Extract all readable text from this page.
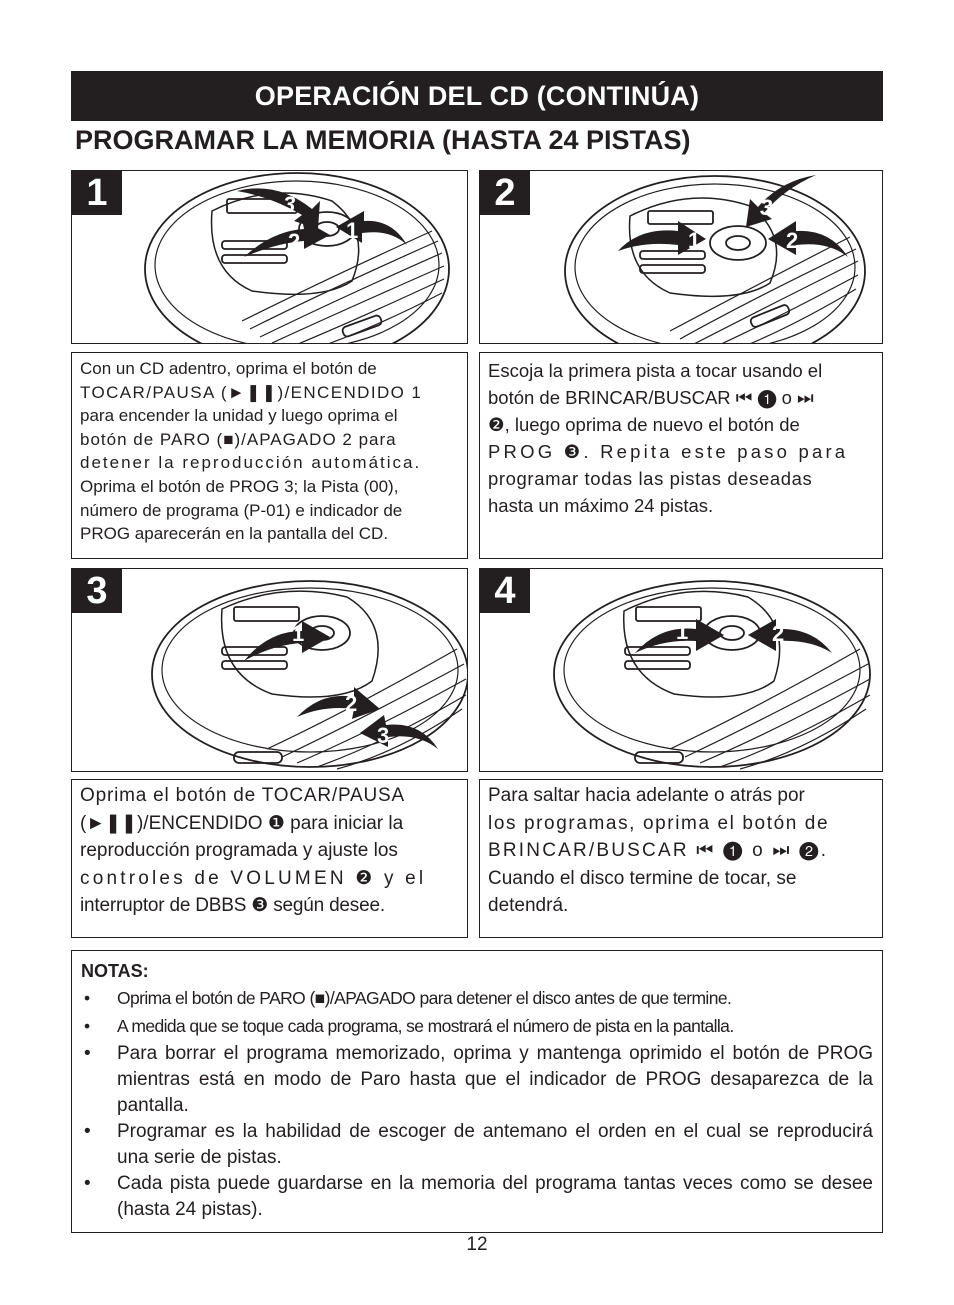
OPERACIÓN DEL CD (CONTINÚA)
PROGRAMAR LA MEMORIA (HASTA 24 PISTAS)
1	3
2 1
2	3
1	2
Con un CD adentro, oprima el botón de
TOCAR/PAUSA (►❚❚)/ENCENDIDO 1
para encender la unidad y luego oprima el
botón de PARO (■)/APAGADO 2 para
detener la reproducción automática.
Oprima el botón de PROG 3; la Pista (00),
número de programa (P-01) e indicador de
PROG aparecerán en la pantalla del CD.
Escoja la primera pista a tocar usando el
botón de BRINCAR/BUSCAR ⏮ ❶ o ⏭
❷, luego oprima de nuevo el botón de
PROG ❸. Repita este paso para
programar todas las pistas deseadas
hasta un máximo 24 pistas.
3
1
2
3
4
1	2
Oprima el botón de TOCAR/PAUSA
(►❚❚)/ENCENDIDO ❶ para iniciar la
reproducción programada y ajuste los
controles de VOLUMEN ❷ y el
interruptor de DBBS ❸ según desee.
Para saltar hacia adelante o atrás por
los programas, oprima el botón de
BRINCAR/BUSCAR ⏮ ❶ o ⏭ ❷.
Cuando el disco termine de tocar, se
detendrá.
NOTAS:
• Oprima el botón de PARO (■)/APAGADO para detener el disco antes de que termine.
• A medida que se toque cada programa, se mostrará el número de pista en la pantalla.
• Para borrar el programa memorizado, oprima y mantenga oprimido el botón de PROG mientras está en modo de Paro hasta que el indicador de PROG desaparezca de la pantalla.
• Programar es la habilidad de escoger de antemano el orden en el cual se reproducirá una serie de pistas.
• Cada pista puede guardarse en la memoria del programa tantas veces como se desee (hasta 24 pistas).
12
